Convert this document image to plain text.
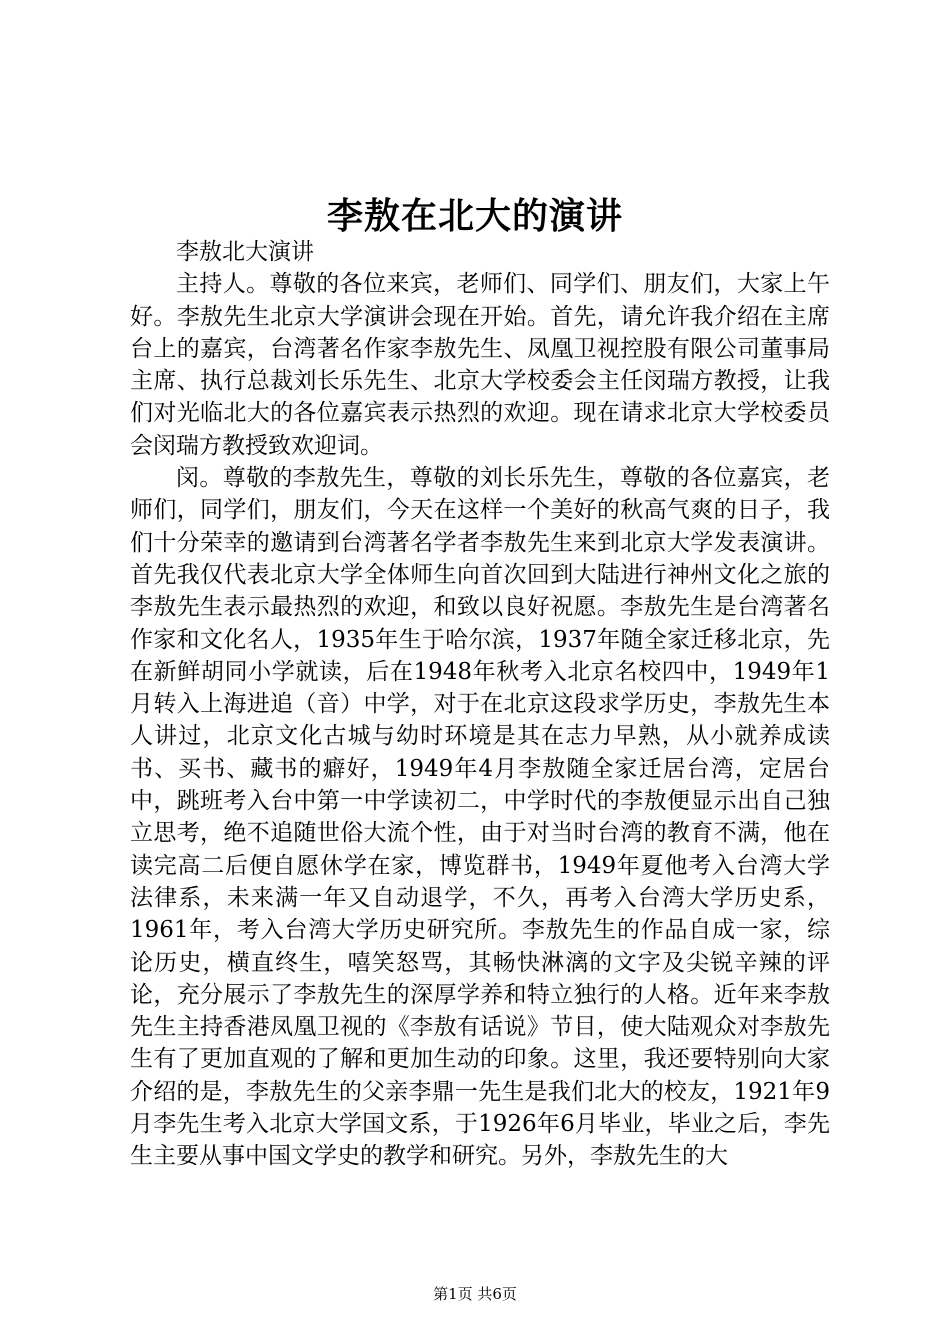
李敖在北大的演讲

李敖北大演讲

主持人。尊敬的各位来宾，老师们、同学们、朋友们，大家上午好。李敖先生北京大学演讲会现在开始。首先，请允许我介绍在主席台上的嘉宾，台湾著名作家李敖先生、凤凰卫视控股有限公司董事局主席、执行总裁刘长乐先生、北京大学校委会主任闵瑞方教授，让我们对光临北大的各位嘉宾表示热烈的欢迎。现在请求北京大学校委员会闵瑞方教授致欢迎词。

闵。尊敬的李敖先生，尊敬的刘长乐先生，尊敬的各位嘉宾，老师们，同学们，朋友们，今天在这样一个美好的秋高气爽的日子，我们十分荣幸的邀请到台湾著名学者李敖先生来到北京大学发表演讲。首先我仅代表北京大学全体师生向首次回到大陆进行神州文化之旅的李敖先生表示最热烈的欢迎，和致以良好祝愿。李敖先生是台湾著名作家和文化名人，1935年生于哈尔滨，1937年随全家迁移北京，先在新鲜胡同小学就读，后在1948年秋考入北京名校四中，1949年1月转入上海进追（音）中学，对于在北京这段求学历史，李敖先生本人讲过，北京文化古城与幼时环境是其在志力早熟，从小就养成读书、买书、藏书的癖好，1949年4月李敖随全家迁居台湾，定居台中，跳班考入台中第一中学读初二，中学时代的李敖便显示出自己独立思考，绝不追随世俗大流个性，由于对当时台湾的教育不满，他在读完高二后便自愿休学在家，博览群书，1949年夏他考入台湾大学法律系，未来满一年又自动退学，不久，再考入台湾大学历史系，1961年，考入台湾大学历史研究所。李敖先生的作品自成一家，综论历史，横直终生，嘻笑怒骂，其畅快淋漓的文字及尖锐辛辣的评论，充分展示了李敖先生的深厚学养和特立独行的人格。近年来李敖先生主持香港凤凰卫视的《李敖有话说》节目，使大陆观众对李敖先生有了更加直观的了解和更加生动的印象。这里，我还要特别向大家介绍的是，李敖先生的父亲李鼎一先生是我们北大的校友，1921年9月李先生考入北京大学国文系，于1926年6月毕业，毕业之后，李先生主要从事中国文学史的教学和研究。另外，李敖先生的大

第1页 共6页
